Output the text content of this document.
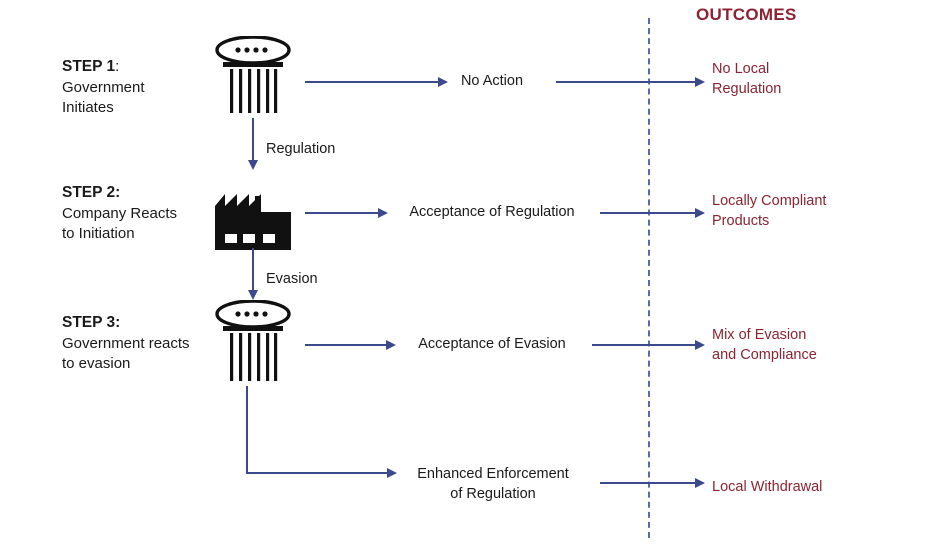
OUTCOMES
STEP 1:
Government
Initiates
No Action
No Local
Regulation
Regulation
STEP 2:
Company Reacts
to Initiation
Acceptance of Regulation
Locally Compliant
Products
Evasion
STEP 3:
Government reacts
to evasion
Acceptance of Evasion
Mix of Evasion
and Compliance
Enhanced Enforcement
of Regulation	Local Withdrawal
